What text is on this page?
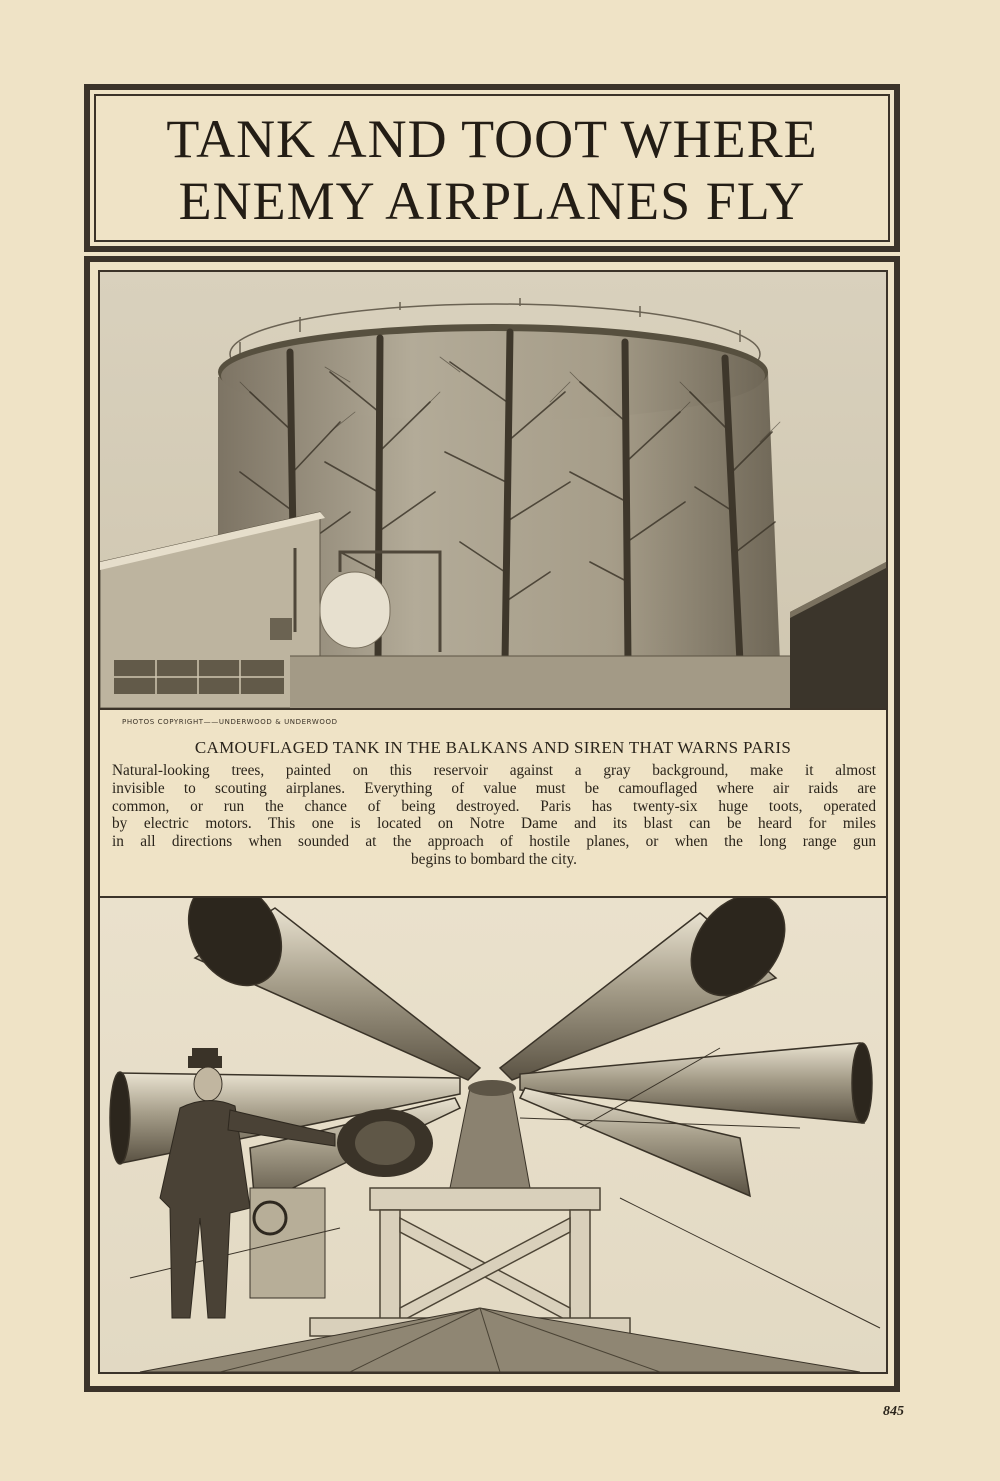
TANK AND TOOT WHERE
ENEMY AIRPLANES FLY
PHOTOS COPYRIGHT——UNDERWOOD & UNDERWOOD
CAMOUFLAGED TANK IN THE BALKANS AND SIREN THAT WARNS PARIS
Natural-looking trees, painted on this reservoir against a gray background, make it almost
invisible to scouting airplanes. Everything of value must be camouflaged where air raids are
common, or run the chance of being destroyed. Paris has twenty-six huge toots, operated
by electric motors. This one is located on Notre Dame and its blast can be heard for miles
in all directions when sounded at the approach of hostile planes, or when the long range gun
begins to bombard the city.
845
